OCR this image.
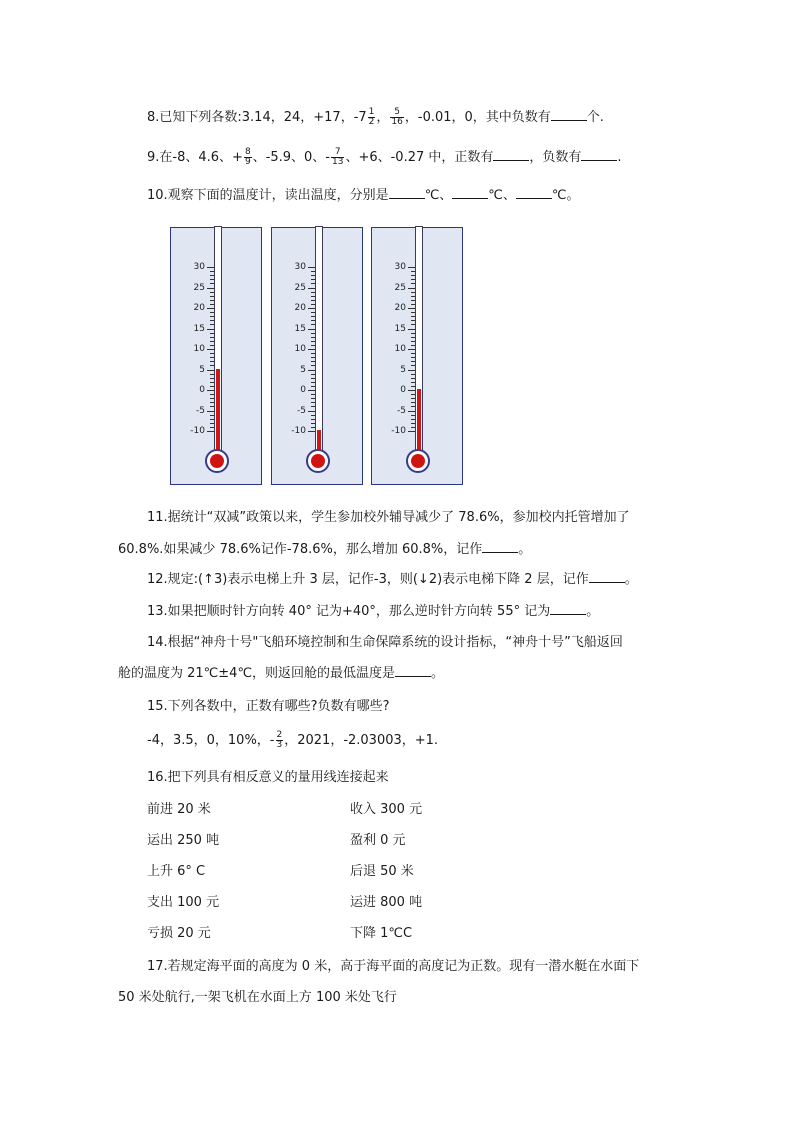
8.已知下列各数:3.14，24，+17，$-7 \frac{1}{2}$ ， $\frac{5}{16}$ ，-0.01，0，其中负数有	个.
9.在-8、4.6、+ $\frac{8}{9}$ 、-5.9、0、- $\frac{7}{13}$ 、+6、-0.27 中，正数有	，负数有	.
10.观察下面的温度计，读出温度，分别是	℃、	℃、	℃。
30
25
20
15
10
5
0
-5
-10
30
25
20
15
10
5
0
-5
-10
30
25
20
15
10
5
0
-5
-10
11.据统计“双减”政策以来，学生参加校外辅导减少了 78.6%，参加校内托管增加了
60.8%.如果减少 78.6%记作-78.6%，那么增加 60.8%，记作	。
12.规定:(↑3)表示电梯上升 3 层，记作-3，则(↓2)表示电梯下降 2 层，记作	。
13.如果把顺时针方向转 40° 记为+40°，那么逆时针方向转 55° 记为	。
14.根据“神舟十号"飞船环境控制和生命保障系统的设计指标，“神舟十号”飞船返回
舱的温度为 21℃±4℃，则返回舱的最低温度是	。
15.下列各数中，正数有哪些?负数有哪些?
-4，3.5，0，10%，- $\frac{2}{3}$ ，2021，-2.03003，+1.
16.把下列具有相反意义的量用线连接起来
前进 20 米	收入 300 元
运出 250 吨	盈利 0 元
上升 6° C	后退 50 米
支出 100 元	运进 800 吨
亏损 20 元	下降 1℃C
17.若规定海平面的高度为 0 米，高于海平面的高度记为正数。现有一潜水艇在水面下
50 米处航行,一架飞机在水面上方 100 米处飞行
